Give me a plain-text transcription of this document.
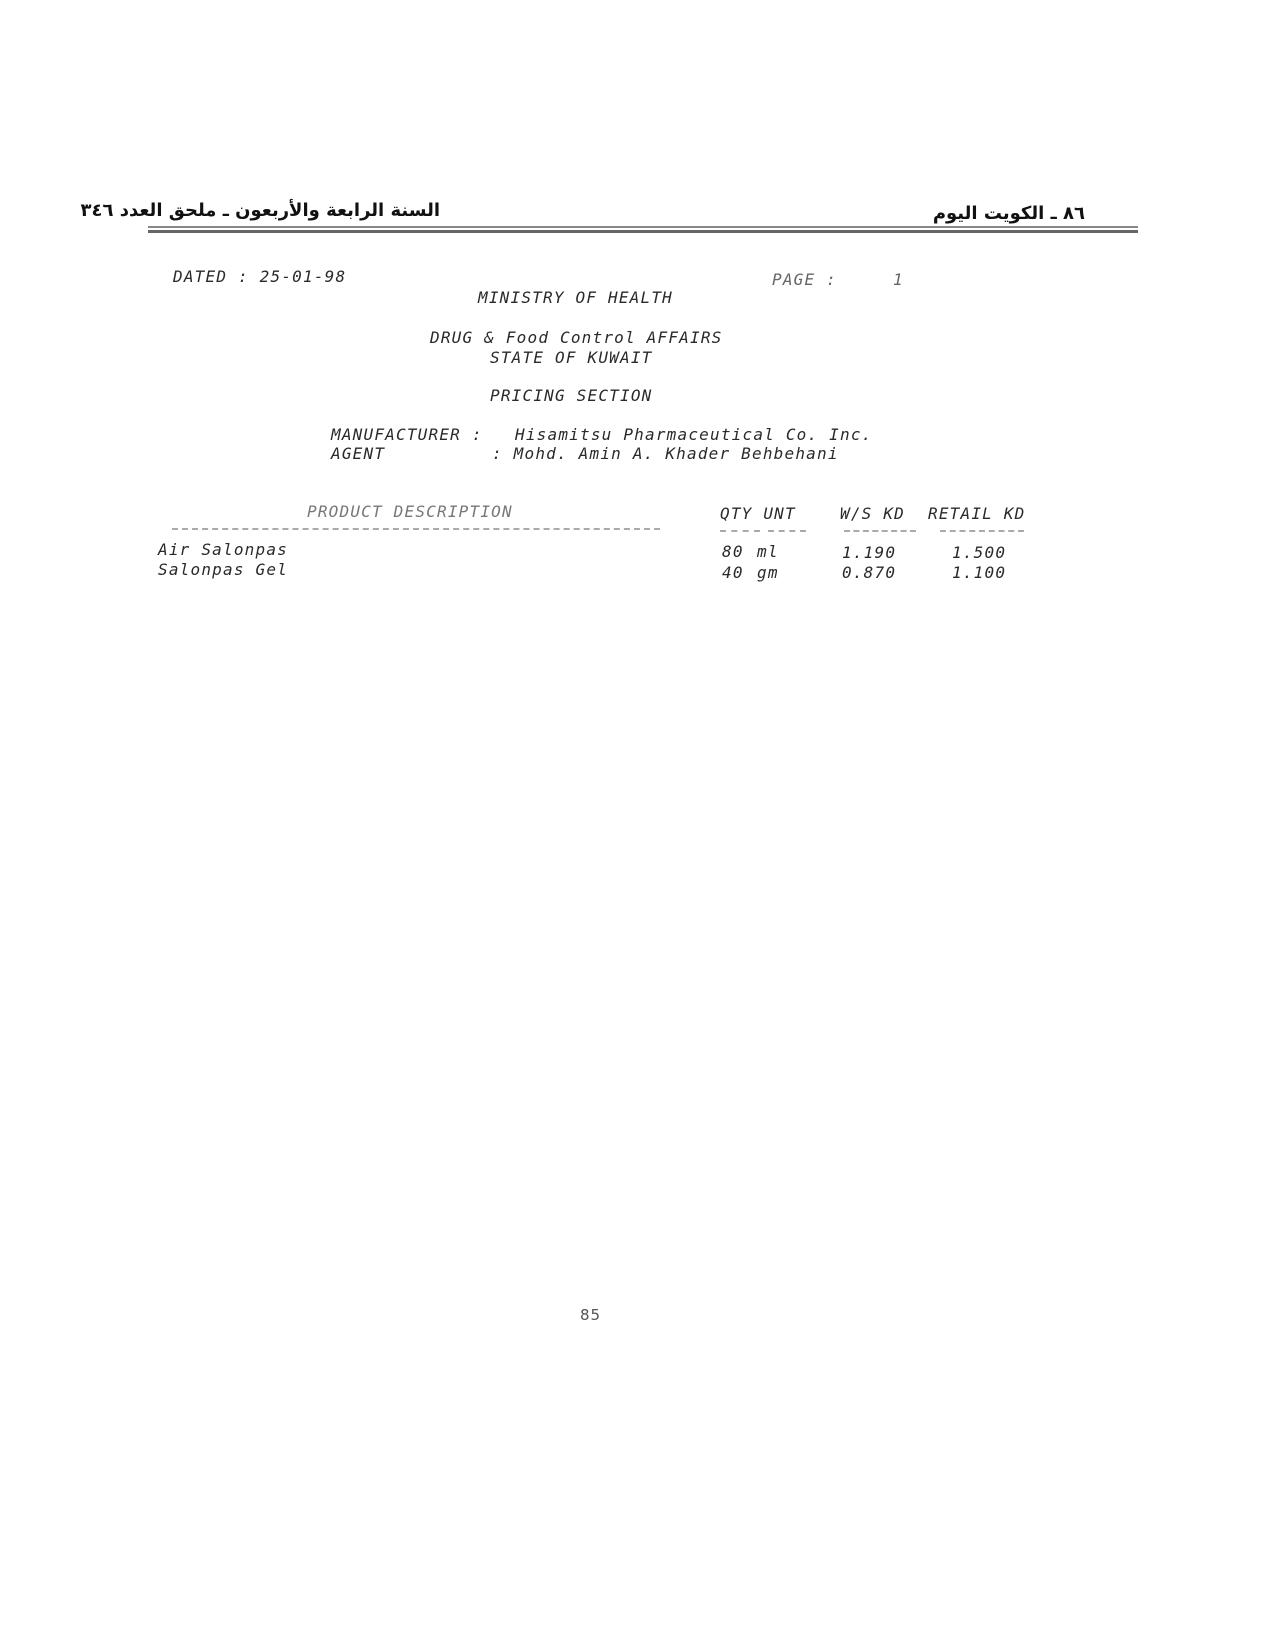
السنة الرابعة والأربعون ـ ملحق العدد ٣٤٦	٨٦ ـ الكويت اليوم
DATED : 25-01-98	PAGE :	1
MINISTRY OF HEALTH
DRUG & Food Control AFFAIRS
STATE OF KUWAIT
PRICING SECTION
MANUFACTURER : Hisamitsu Pharmaceutical Co. Inc.
AGENT	: Mohd. Amin A. Khader Behbehani
PRODUCT DESCRIPTION	QTY UNT	W/S KD RETAIL KD
Air Salonpas	80 ml	1.190	1.500
Salonpas Gel	40 gm	0.870	1.100
85
